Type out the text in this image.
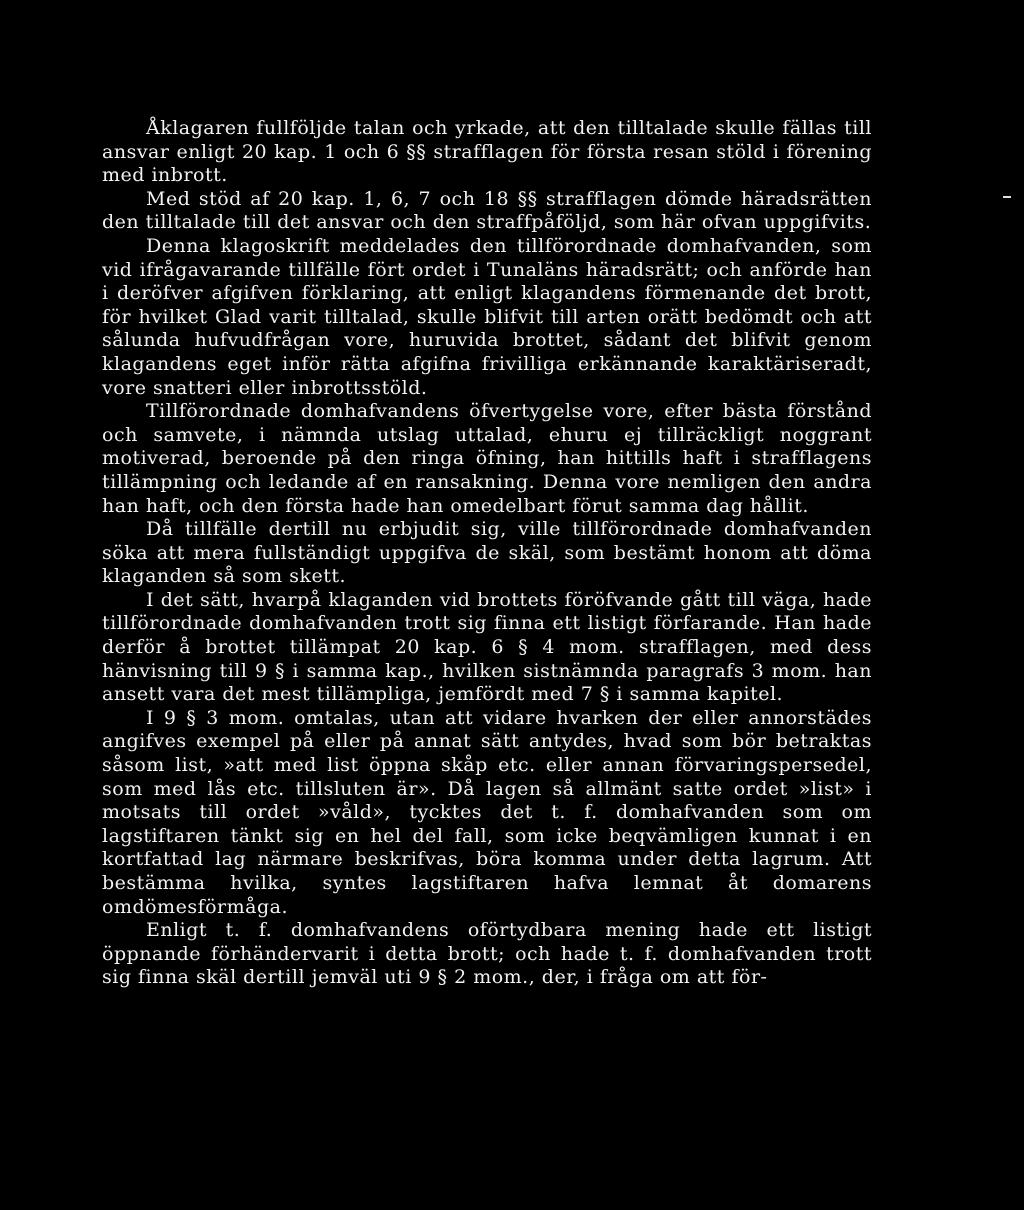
Åklagaren fullföljde talan och yrkade, att den tilltalade skulle fällas till ansvar enligt 20 kap. 1 och 6 §§ strafflagen för första resan stöld i förening med inbrott.

Med stöd af 20 kap. 1, 6, 7 och 18 §§ strafflagen dömde häradsrätten den tilltalade till det ansvar och den straffpåföljd, som här ofvan uppgifvits.

Denna klagoskrift meddelades den tillförordnade domhafvanden, som vid ifrågavarande tillfälle fört ordet i Tunaläns häradsrätt; och anförde han i deröfver afgifven förklaring, att enligt klagandens förmenande det brott, för hvilket Glad varit tilltalad, skulle blifvit till arten orätt bedömdt och att sålunda hufvudfrågan vore, huruvida brottet, sådant det blifvit genom klagandens eget inför rätta afgifna frivilliga erkännande karaktäriseradt, vore snatteri eller inbrottsstöld.

Tillförordnade domhafvandens öfvertygelse vore, efter bästa förstånd och samvete, i nämnda utslag uttalad, ehuru ej tillräckligt noggrant motiverad, beroende på den ringa öfning, han hittills haft i strafflagens tillämpning och ledande af en ransakning. Denna vore nemligen den andra han haft, och den första hade han omedelbart förut samma dag hållit.

Då tillfälle dertill nu erbjudit sig, ville tillförordnade domhafvanden söka att mera fullständigt uppgifva de skäl, som bestämt honom att döma klaganden så som skett.

I det sätt, hvarpå klaganden vid brottets föröfvande gått till väga, hade tillförordnade domhafvanden trott sig finna ett listigt förfarande. Han hade derför å brottet tillämpat 20 kap. 6 § 4 mom. strafflagen, med dess hänvisning till 9 § i samma kap., hvilken sistnämnda paragrafs 3 mom. han ansett vara det mest tillämpliga, jemfördt med 7 § i samma kapitel.

I 9 § 3 mom. omtalas, utan att vidare hvarken der eller annorstädes angifves exempel på eller på annat sätt antydes, hvad som bör betraktas såsom list, »att med list öppna skåp etc. eller annan förvaringspersedel, som med lås etc. tillsluten är». Då lagen så allmänt satte ordet »list» i motsats till ordet »våld», tycktes det t. f. domhafvanden som om lagstiftaren tänkt sig en hel del fall, som icke beqvämligen kunnat i en kortfattad lag närmare beskrifvas, böra komma under detta lagrum. Att bestämma hvilka, syntes lagstiftaren hafva lemnat åt domarens omdömesförmåga.

Enligt t. f. domhafvandens oförtydbara mening hade ett listigt öppnande förhändervarit i detta brott; och hade t. f. domhafvanden trott sig finna skäl dertill jemväl uti 9 § 2 mom., der, i fråga om att för-
